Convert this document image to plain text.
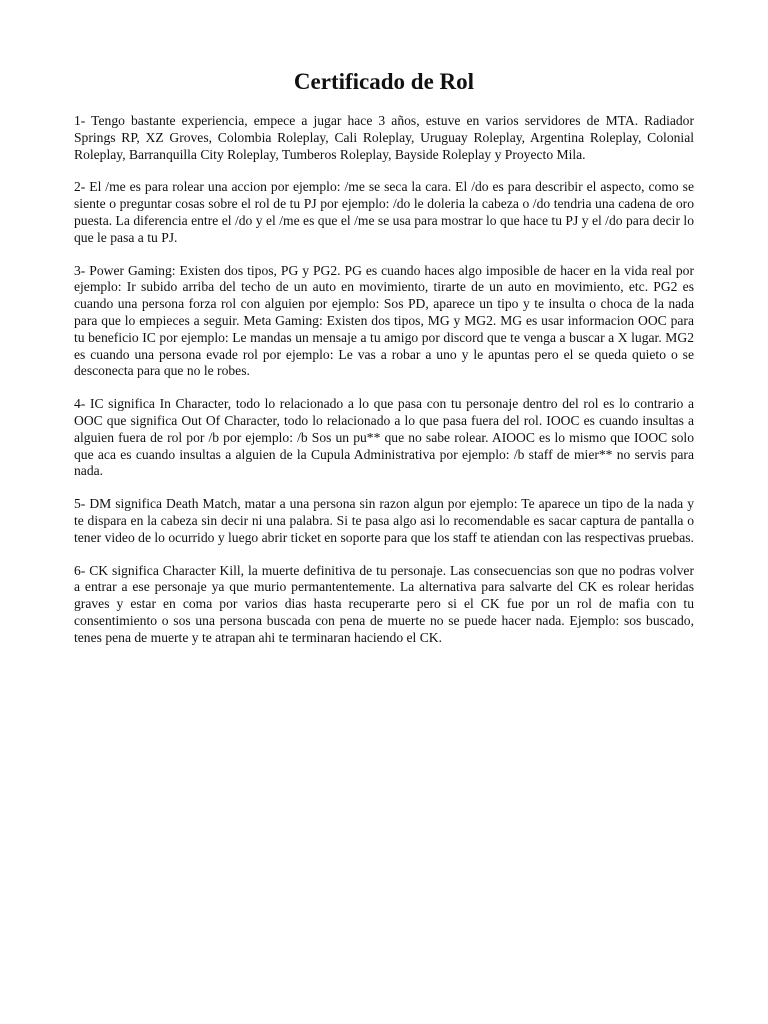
Certificado de Rol

1- Tengo bastante experiencia, empece a jugar hace 3 años, estuve en varios servidores de MTA. Radiador Springs RP, XZ Groves, Colombia Roleplay, Cali Roleplay, Uruguay Roleplay, Argentina Roleplay, Colonial Roleplay, Barranquilla City Roleplay, Tumberos Roleplay, Bayside Roleplay y Proyecto Mila.

2- El /me es para rolear una accion por ejemplo: /me se seca la cara. El /do es para describir el aspecto, como se siente o preguntar cosas sobre el rol de tu PJ por ejemplo: /do le doleria la cabeza o /do tendria una cadena de oro puesta. La diferencia entre el /do y el /me es que el /me se usa para mostrar lo que hace tu PJ y el /do para decir lo que le pasa a tu PJ.

3- Power Gaming: Existen dos tipos, PG y PG2. PG es cuando haces algo imposible de hacer en la vida real por ejemplo: Ir subido arriba del techo de un auto en movimiento, tirarte de un auto en movimiento, etc. PG2 es cuando una persona forza rol con alguien por ejemplo: Sos PD, aparece un tipo y te insulta o choca de la nada para que lo empieces a seguir. Meta Gaming: Existen dos tipos, MG y MG2. MG es usar informacion OOC para tu beneficio IC por ejemplo: Le mandas un mensaje a tu amigo por discord que te venga a buscar a X lugar. MG2 es cuando una persona evade rol por ejemplo: Le vas a robar a uno y le apuntas pero el se queda quieto o se desconecta para que no le robes.

4- IC significa In Character, todo lo relacionado a lo que pasa con tu personaje dentro del rol es lo contrario a OOC que significa Out Of Character, todo lo relacionado a lo que pasa fuera del rol. IOOC es cuando insultas a alguien fuera de rol por /b por ejemplo: /b Sos un pu** que no sabe rolear. AIOOC es lo mismo que IOOC solo que aca es cuando insultas a alguien de la Cupula Administrativa por ejemplo: /b staff de mier** no servis para nada.

5- DM significa Death Match, matar a una persona sin razon algun por ejemplo: Te aparece un tipo de la nada y te dispara en la cabeza sin decir ni una palabra. Si te pasa algo asi lo recomendable es sacar captura de pantalla o tener video de lo ocurrido y luego abrir ticket en soporte para que los staff te atiendan con las respectivas pruebas.

6- CK significa Character Kill, la muerte definitiva de tu personaje. Las consecuencias son que no podras volver a entrar a ese personaje ya que murio permantentemente. La alternativa para salvarte del CK es rolear heridas graves y estar en coma por varios dias hasta recuperarte pero si el CK fue por un rol de mafia con tu consentimiento o sos una persona buscada con pena de muerte no se puede hacer nada. Ejemplo: sos buscado, tenes pena de muerte y te atrapan ahi te terminaran haciendo el CK.
